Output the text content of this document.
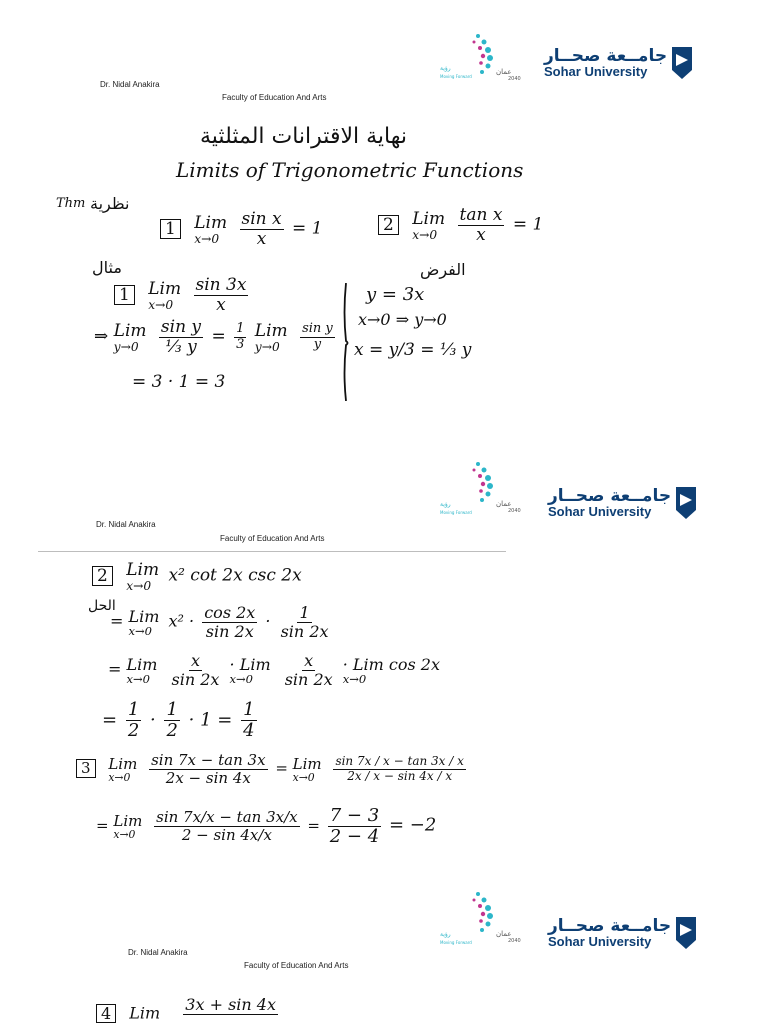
Dr. Nidal Anakira
Faculty of Education And Arts
رؤية
Moving Forward
عمان
2040
جامــعة صحــار
Sohar University
نهاية الاقترانات المثلثية
Limits of Trigonometric Functions
Thm نظرية
1 Lim
x→0
	$\frac{\text{sin x}}{x} = 1$	2 Lim
x→0
	$\frac{\text{tan x}}{x} = 1$
مثال	الفرض
1 Lim
x→0
	$\frac{\sin 3x}{x}$
⇒ Lim
y→0
	$\frac{\text{sin y}}{\text{⅓ y}} = \frac{1}{3}$
Lim
y→0
	$\frac{\text{sin y}}{y}$
= 3 · 1 = 3
y = 3x
x→0 ⇒ y→0
x = y/3 = ⅓ y
رؤية
Moving Forward
عمان
2040
جامــعة صحــار
Sohar University
Dr. Nidal Anakira
Faculty of Education And Arts
2 Lim
x→0
x² cot 2x csc 2x
الحل
= Lim
x→0
$x^2 \cdot \frac{\cos 2x}{\sin 2x} \cdot \frac{1}{\sin 2x}$
= Lim
x→0
	$\frac{x}{\sin 2x}$
· Lim
x→0
	$\frac{x}{\sin 2x}$
· Lim cos 2x
x→0
= $\frac{1}{2} \cdot \frac{1}{2} \cdot 1 = \frac{1}{4}$
3 Lim
x→0
	$\frac{\sin 7x - \tan 3x}{2x - \sin 4x}$ = Lim
x→0
	$\frac{\sin 7x / x - \tan 3x / x}{2x / x - \sin 4x / x}$
= Lim
x→0
	$\frac{\sin 7x/x - \tan 3x/x}{2 - \sin 4x/x} = \frac{7 - 3}{2 - 4} = -2$
رؤية
Moving Forward
عمان
2040
جامــعة صحــار
Sohar University
Dr. Nidal Anakira
Faculty of Education And Arts
4 Lim 3x + sin 4x
